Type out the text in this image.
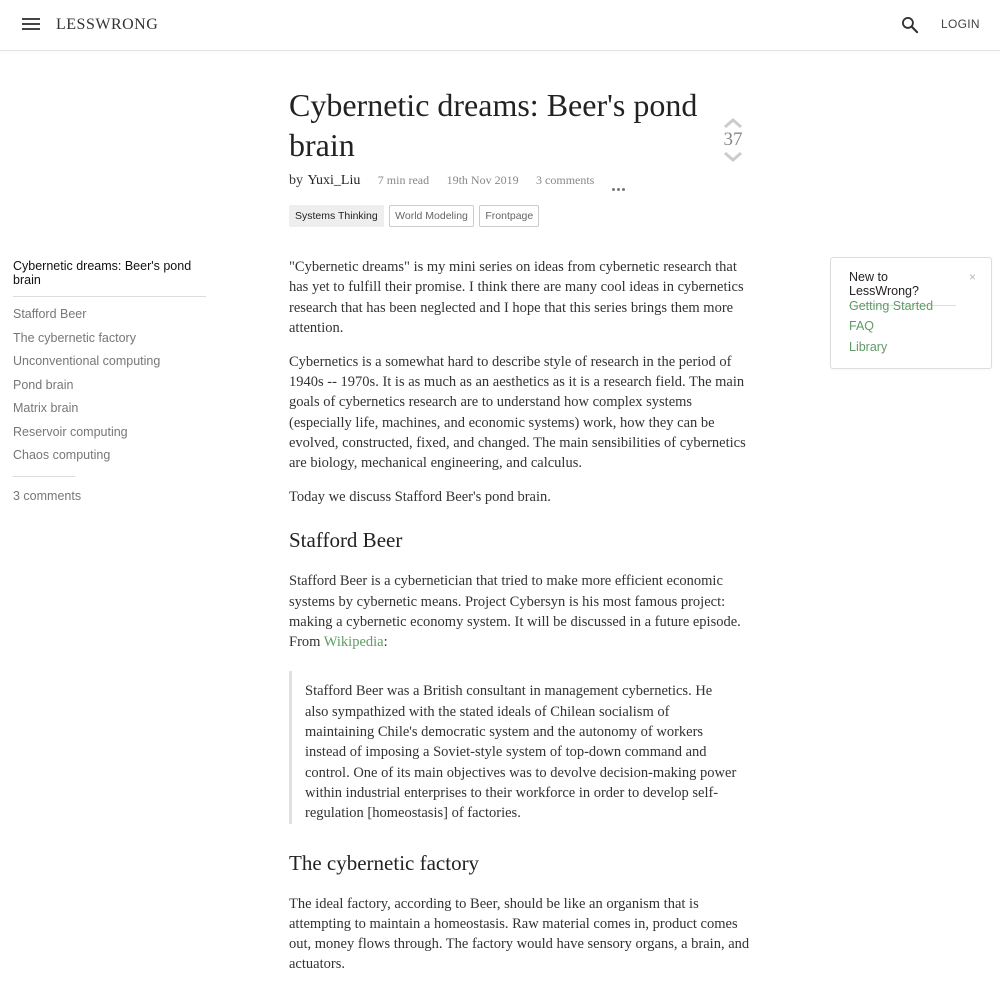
LESSWRONG	LOGIN
Cybernetic dreams: Beer's pond brain
Stafford Beer
The cybernetic factory
Unconventional computing
Pond brain
Matrix brain
Reservoir computing
Chaos computing
3 comments
Cybernetic dreams: Beer's pond brain	37
by Yuxi_Liu 7 min read 19th Nov 2019 3 comments
Systems Thinking World Modeling Frontpage

"Cybernetic dreams" is my mini series on ideas from cybernetic research that has yet to fulfill their promise. I think there are many cool ideas in cybernetics research that has been neglected and I hope that this series brings them more attention.

Cybernetics is a somewhat hard to describe style of research in the period of 1940s -- 1970s. It is as much as an aesthetics as it is a research field. The main goals of cybernetics research are to understand how complex systems (especially life, machines, and economic systems) work, how they can be evolved, constructed, fixed, and changed. The main sensibilities of cybernetics are biology, mechanical engineering, and calculus.

Today we discuss Stafford Beer's pond brain.

Stafford Beer

Stafford Beer is a cybernetician that tried to make more efficient economic systems by cybernetic means. Project Cybersyn is his most famous project: making a cybernetic economy system. It will be discussed in a future episode. From Wikipedia:

Stafford Beer was a British consultant in management cybernetics. He also sympathized with the stated ideals of Chilean socialism of maintaining Chile's democratic system and the autonomy of workers instead of imposing a Soviet-style system of top-down command and control. One of its main objectives was to devolve decision-making power within industrial enterprises to their workforce in order to develop self-regulation [homeostasis] of factories.

The cybernetic factory

The ideal factory, according to Beer, should be like an organism that is attempting to maintain a homeostasis. Raw material comes in, product comes out, money flows through. The factory would have sensory organs, a brain, and actuators.

New to LessWrong?
×
Getting Started
FAQ
Library
